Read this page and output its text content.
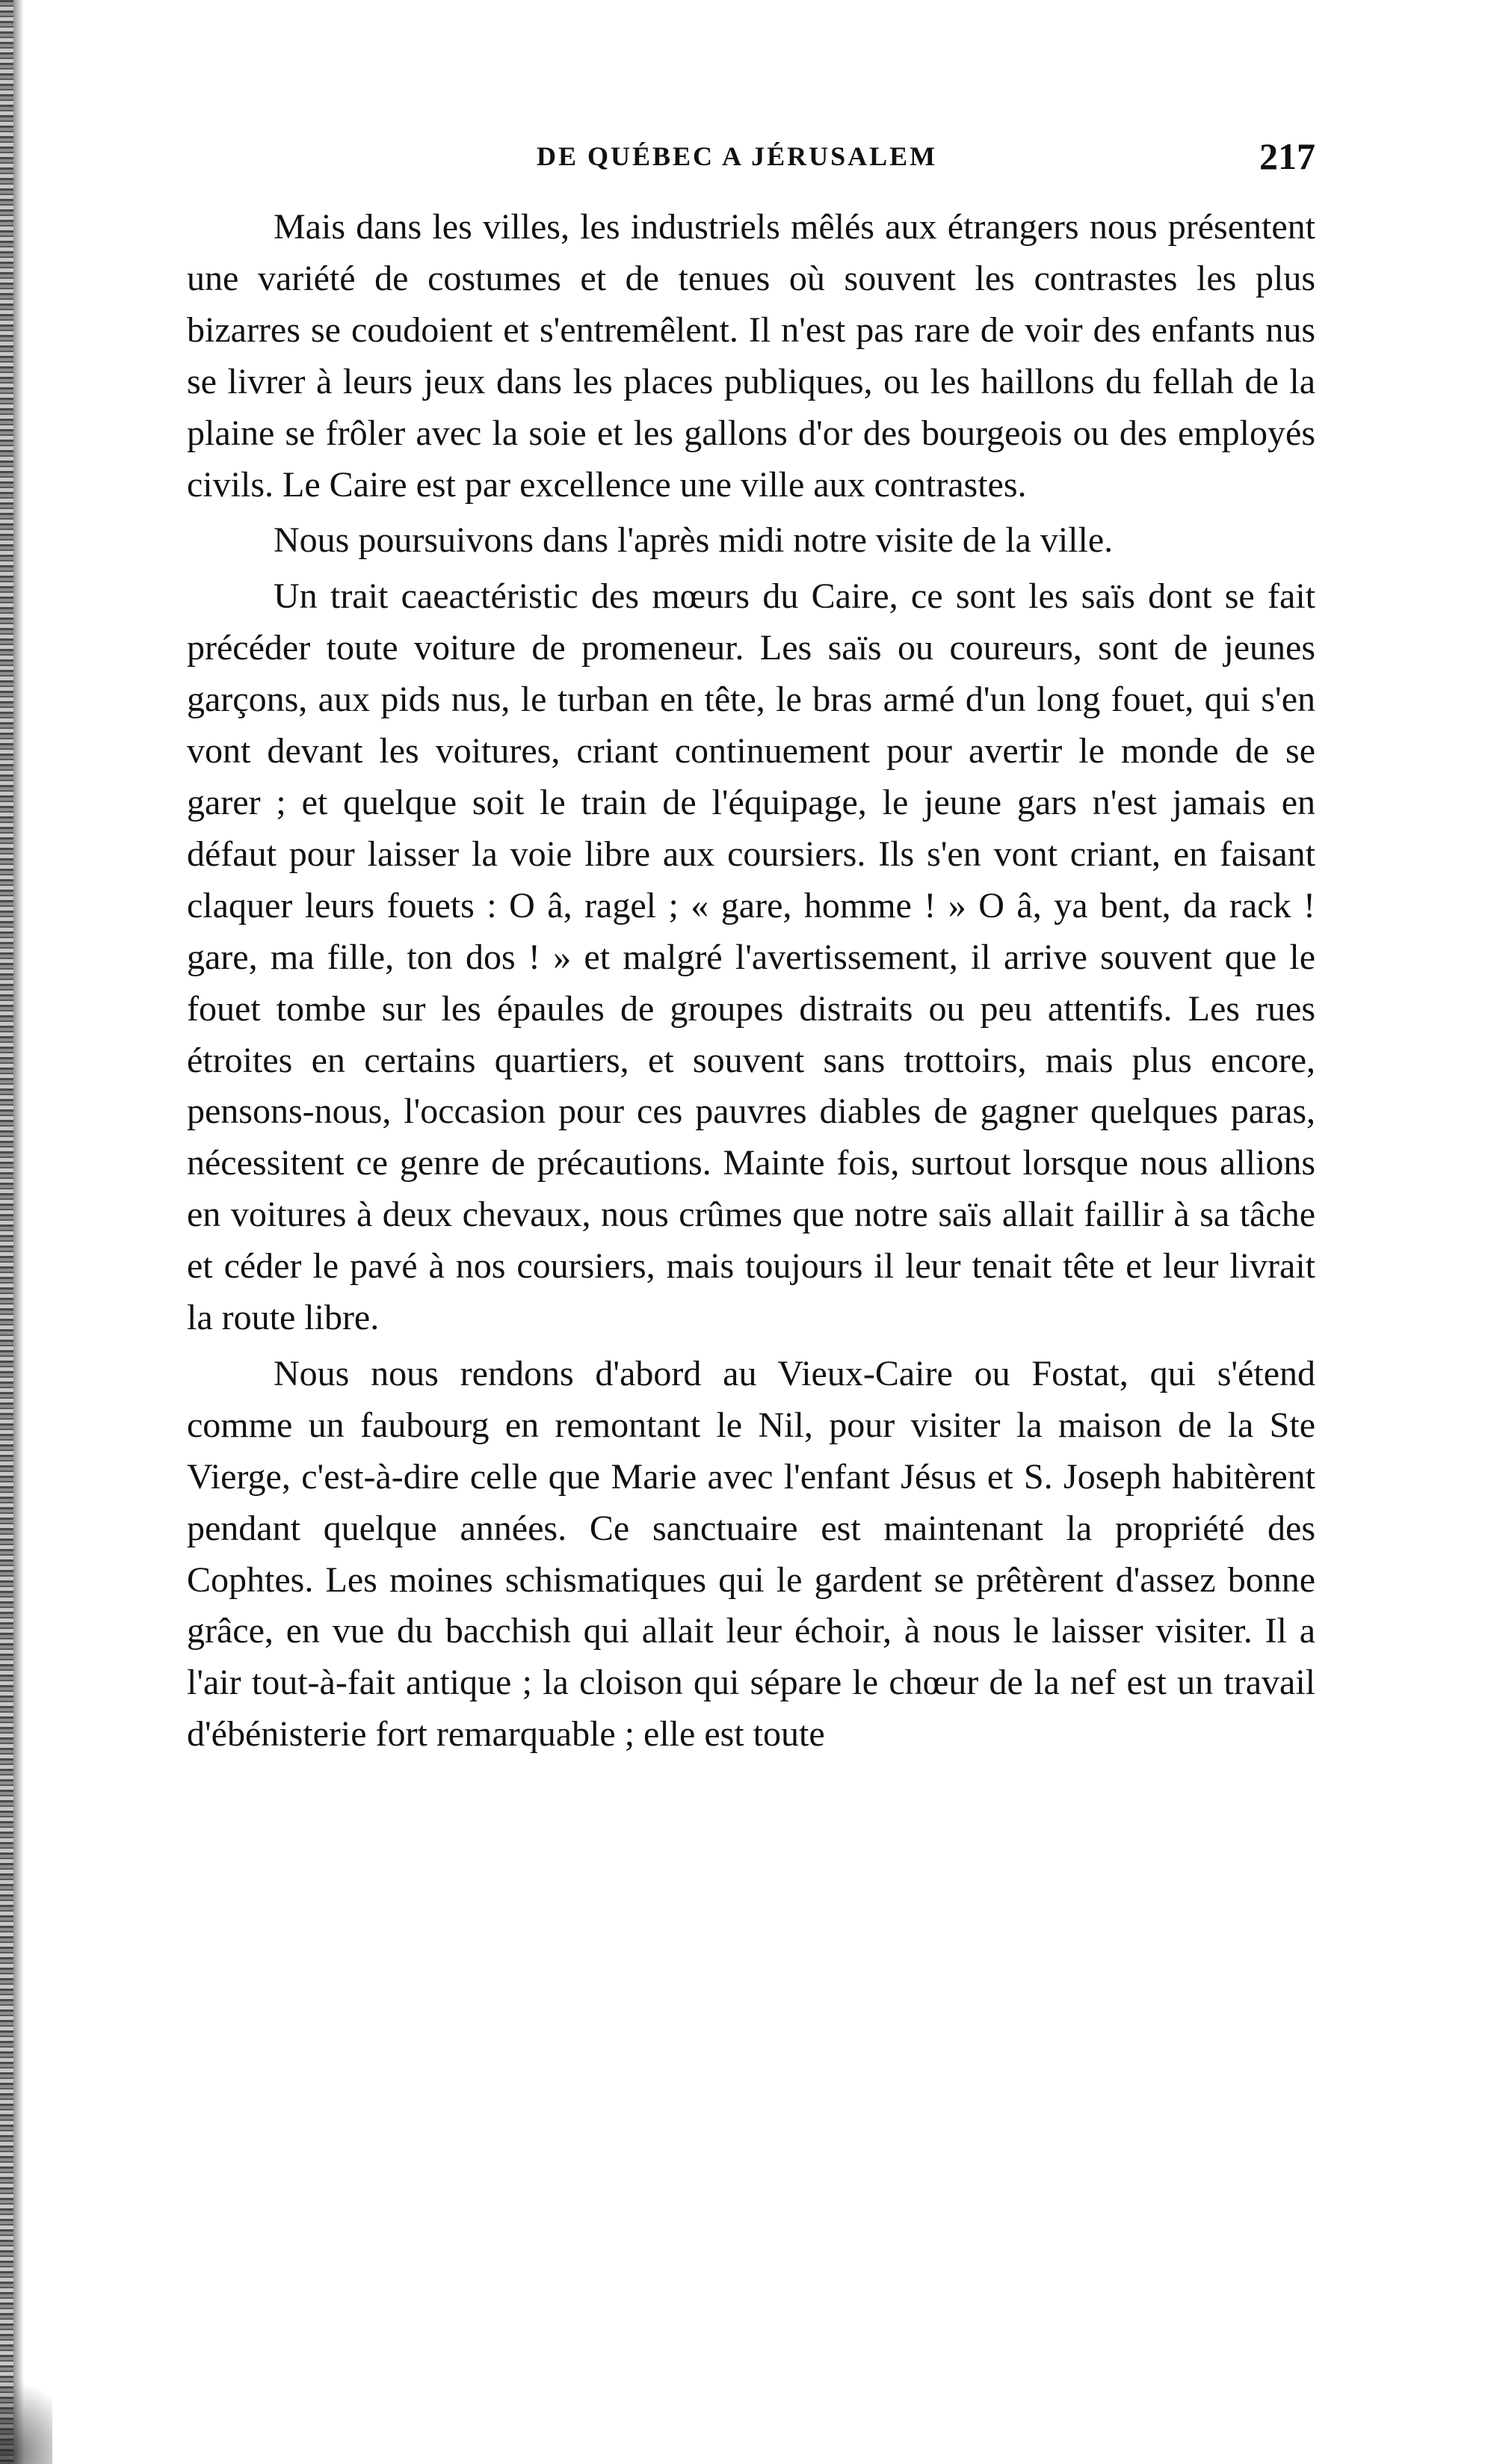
DE QUÉBEC A JÉRUSALEM	217

Mais dans les villes, les industriels mêlés aux étrangers nous présentent une variété de costumes et de tenues où souvent les contrastes les plus bizarres se coudoient et s'entremêlent. Il n'est pas rare de voir des enfants nus se livrer à leurs jeux dans les places publiques, ou les haillons du fellah de la plaine se frôler avec la soie et les gallons d'or des bourgeois ou des employés civils. Le Caire est par excellence une ville aux contrastes.

Nous poursuivons dans l'après midi notre visite de la ville.

Un trait caeactéristic des mœurs du Caire, ce sont les saïs dont se fait précéder toute voiture de promeneur. Les saïs ou coureurs, sont de jeunes garçons, aux pids nus, le turban en tête, le bras armé d'un long fouet, qui s'en vont devant les voitures, criant continuement pour avertir le monde de se garer ; et quelque soit le train de l'équipage, le jeune gars n'est jamais en défaut pour laisser la voie libre aux coursiers. Ils s'en vont criant, en faisant claquer leurs fouets : O â, ragel ; « gare, homme ! » O â, ya bent, da rack ! gare, ma fille, ton dos ! » et malgré l'avertissement, il arrive souvent que le fouet tombe sur les épaules de groupes distraits ou peu attentifs. Les rues étroites en certains quartiers, et souvent sans trottoirs, mais plus encore, pensons-nous, l'occasion pour ces pauvres diables de gagner quelques paras, nécessitent ce genre de précautions. Mainte fois, surtout lorsque nous allions en voitures à deux chevaux, nous crûmes que notre saïs allait faillir à sa tâche et céder le pavé à nos coursiers, mais toujours il leur tenait tête et leur livrait la route libre.

Nous nous rendons d'abord au Vieux-Caire ou Fostat, qui s'étend comme un faubourg en remontant le Nil, pour visiter la maison de la Ste Vierge, c'est-à-dire celle que Marie avec l'enfant Jésus et S. Joseph habitèrent pendant quelque années. Ce sanctuaire est maintenant la propriété des Cophtes. Les moines schismatiques qui le gardent se prêtèrent d'assez bonne grâce, en vue du bacchish qui allait leur échoir, à nous le laisser visiter. Il a l'air tout-à-fait antique ; la cloison qui sépare le chœur de la nef est un travail d'ébénisterie fort remarquable ; elle est toute
